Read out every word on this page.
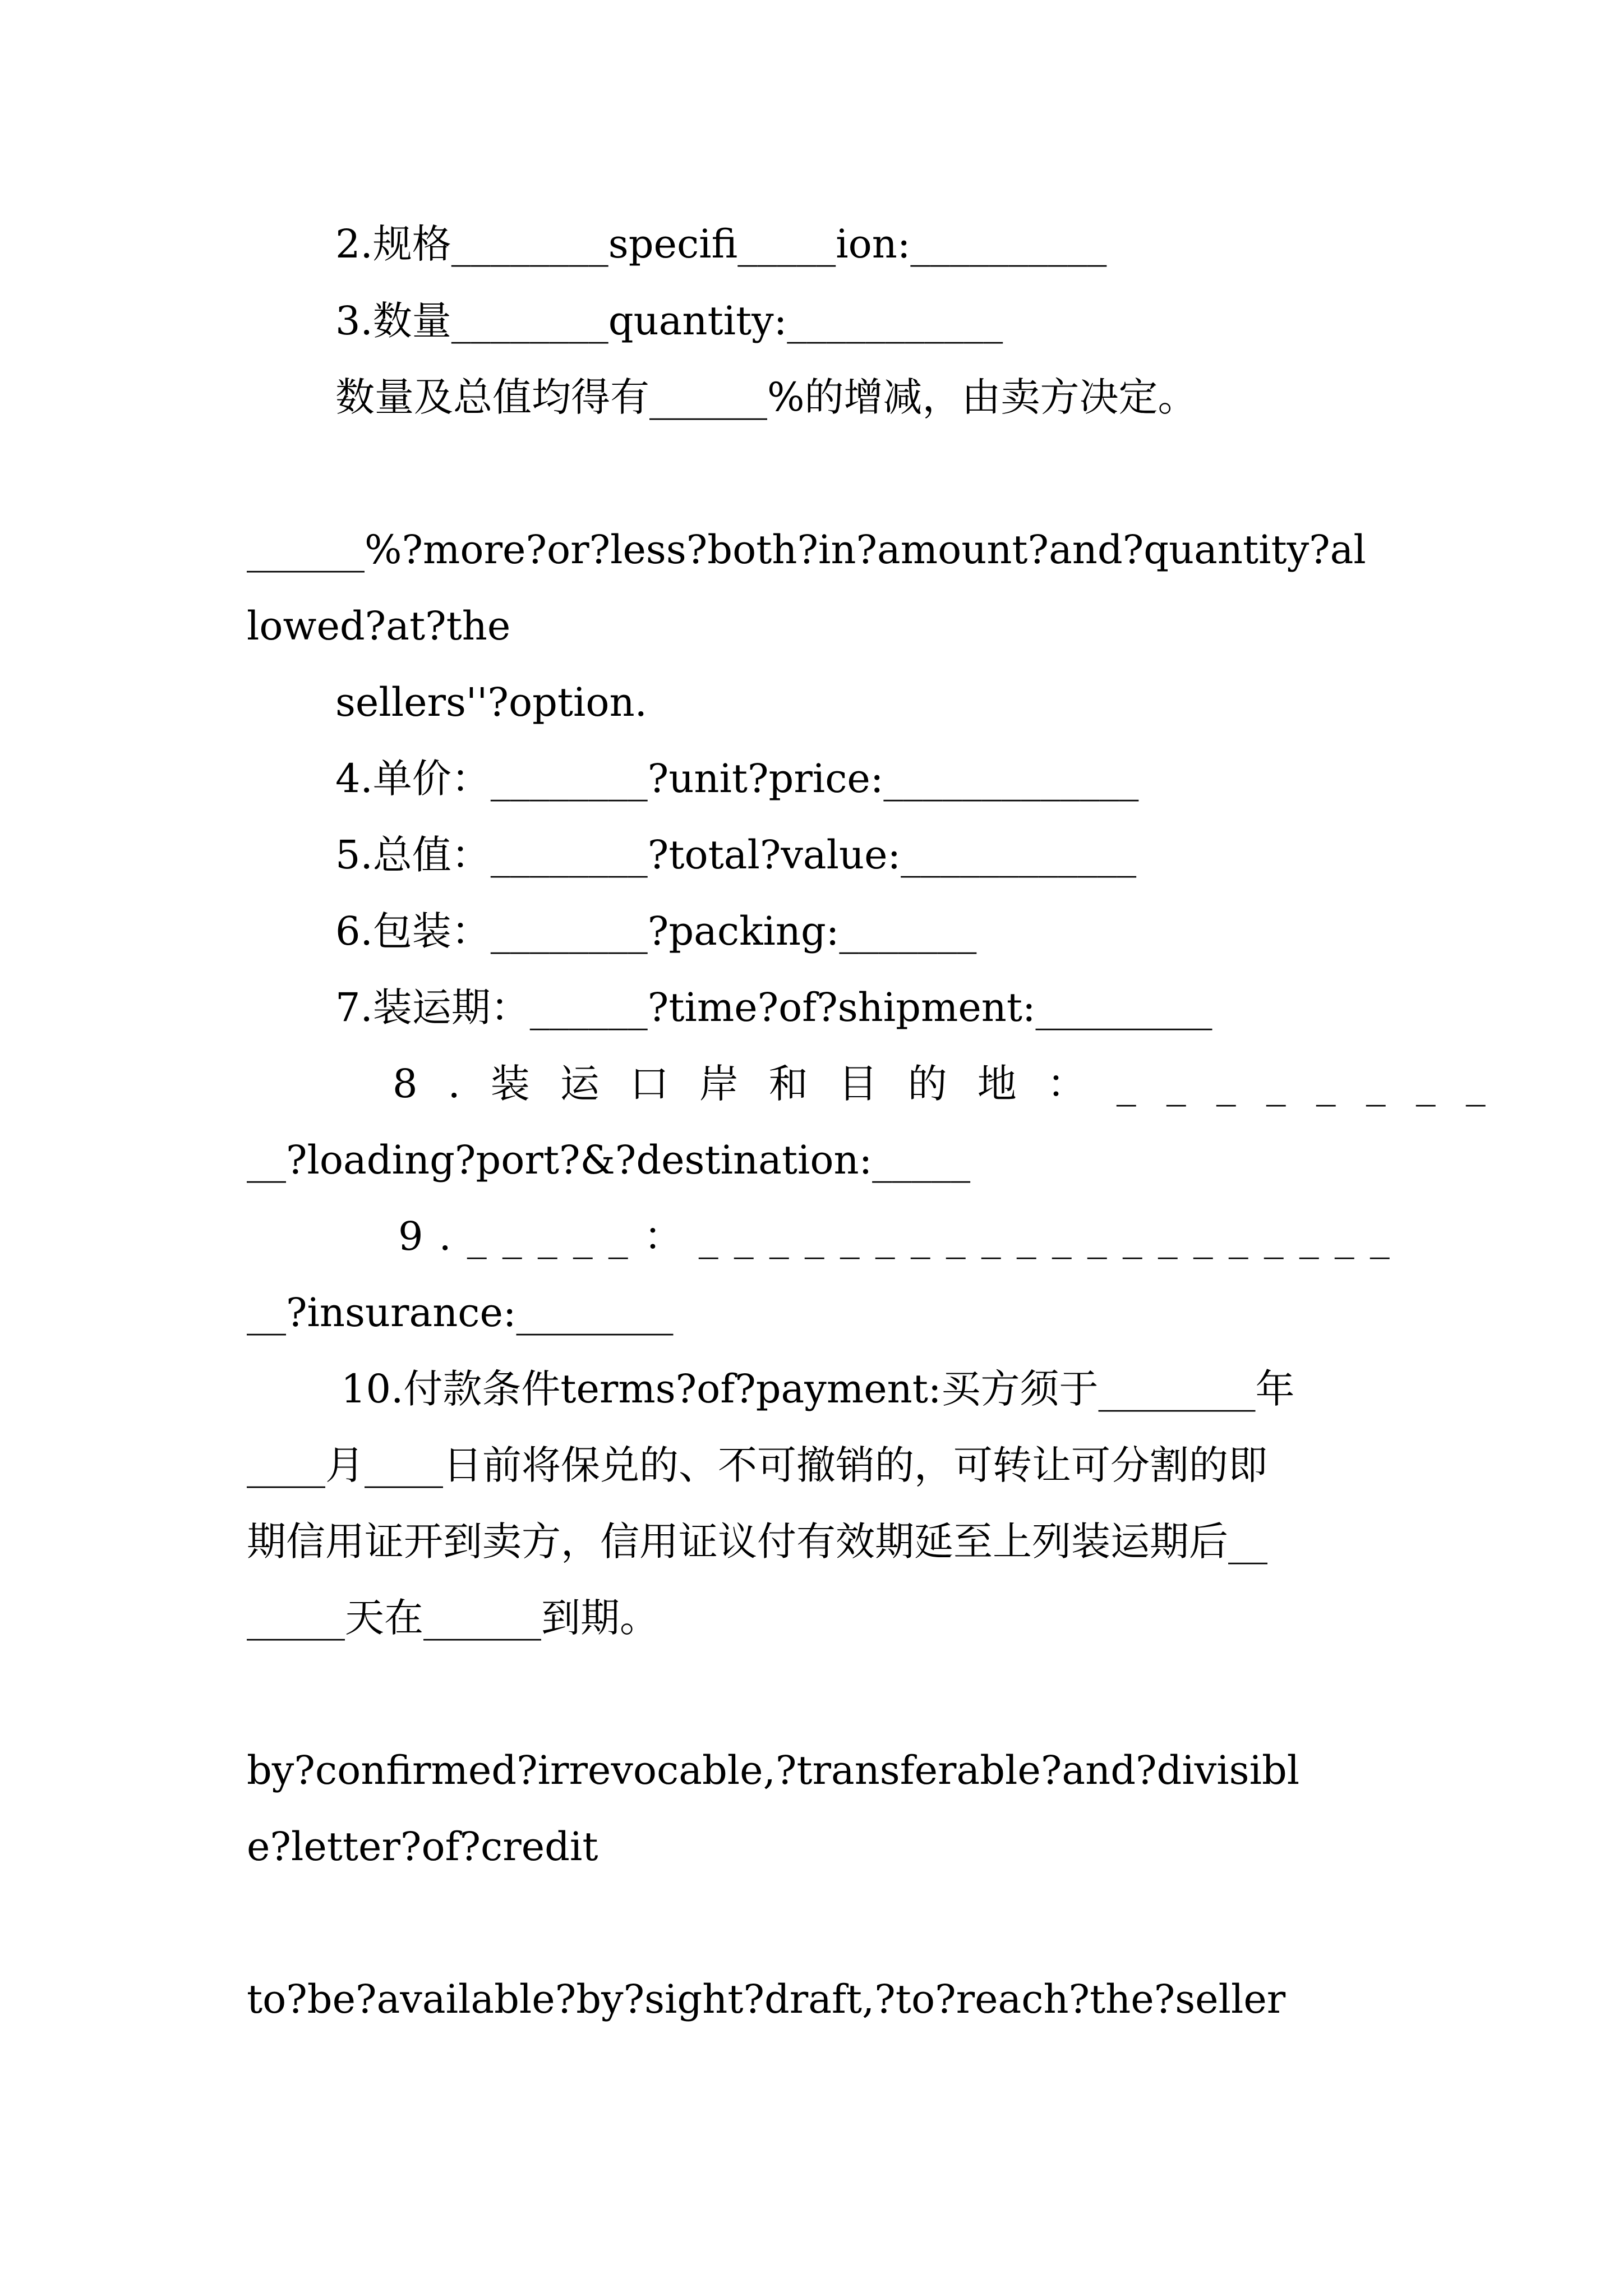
2.规格________specifi_____ion:__________
3.数量________quantity:___________
数量及总值均得有______%的增减，由卖方决定。
______%?more?or?less?both?in?amount?and?quantity?al
lowed?at?the
sellers''?option.
4.单价：________?unit?price:_____________
5.总值：________?total?value:____________
6.包装：________?packing:_______
7.装运期：______?time?of?shipment:_________
8.装运口岸和目的地：________
__?loading?port?&?destination:_____
9._____：____________________
__?insurance:________
10.付款条件terms?of?payment:买方须于________年
____月____日前将保兑的、不可撤销的，可转让可分割的即
期信用证开到卖方，信用证议付有效期延至上列装运期后__
_____天在______到期。
by?confirmed?irrevocable,?transferable?and?divisibl
e?letter?of?credit
to?be?available?by?sight?draft,?to?reach?the?seller
